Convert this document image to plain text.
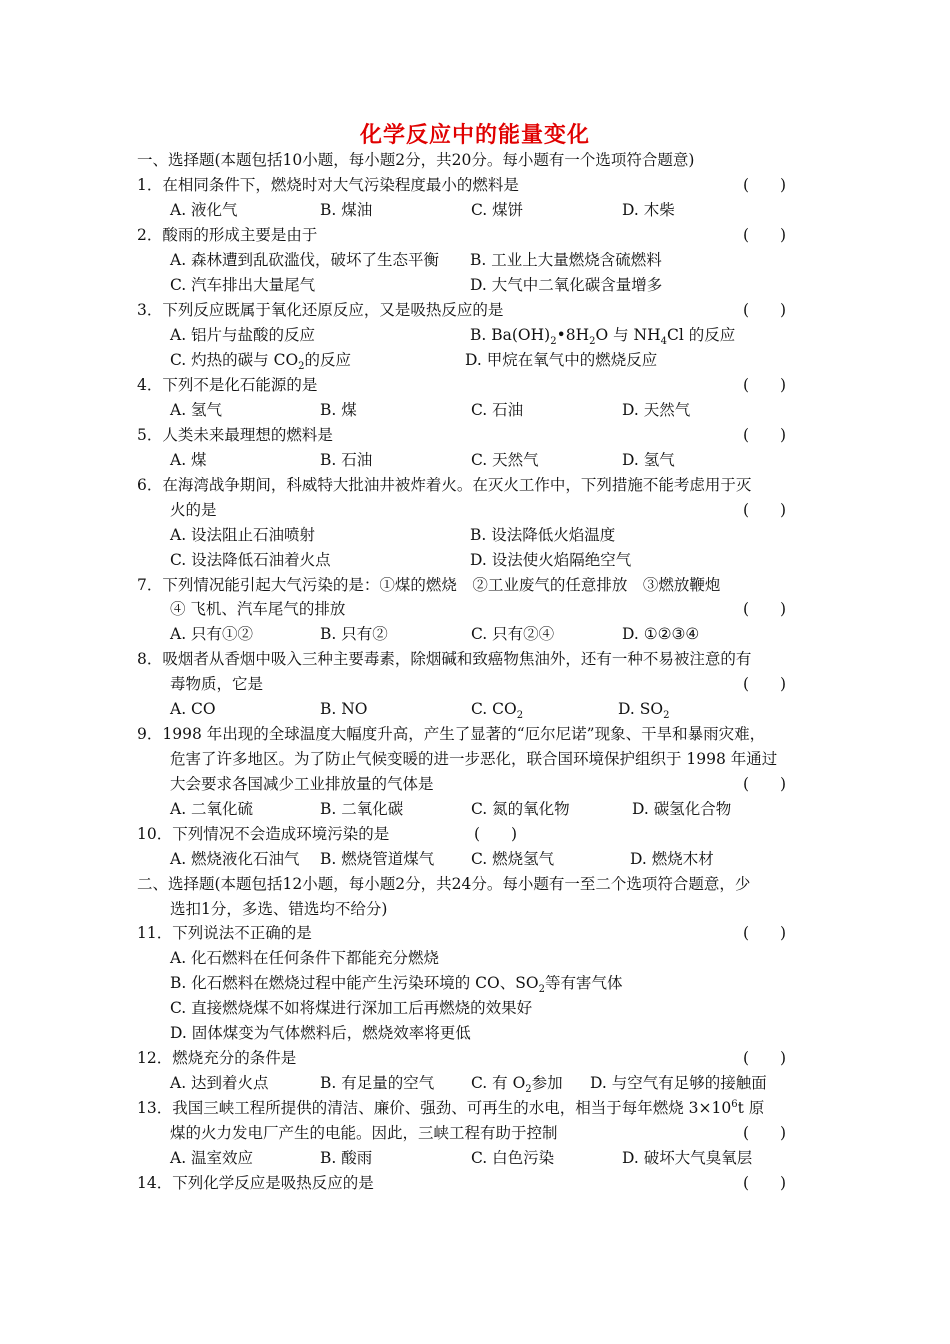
化学反应中的能量变化
一、选择题(本题包括10小题，每小题2分，共20分。每小题有一个选项符合题意)
1．在相同条件下，燃烧时对大气污染程度最小的燃料是	(　　)
A. 液化气	B. 煤油	C. 煤饼	D. 木柴
2．酸雨的形成主要是由于	(　　)
A. 森林遭到乱砍滥伐，破坏了生态平衡 B. 工业上大量燃烧含硫燃料
C. 汽车排出大量尾气	D. 大气中二氧化碳含量增多
3．下列反应既属于氧化还原反应，又是吸热反应的是	(　　)
A. 铝片与盐酸的反应	B. $Ba(OH)_2•8H_2O$ 与 $NH_4Cl$ 的反应
C. 灼热的碳与 $CO_2$的反应	D. 甲烷在氧气中的燃烧反应
4．下列不是化石能源的是	(　　)
A. 氢气	B. 煤	C. 石油	D. 天然气
5．人类未来最理想的燃料是	(　　)
A. 煤	B. 石油	C. 天然气	D. 氢气
6．在海湾战争期间，科威特大批油井被炸着火。在灭火工作中，下列措施不能考虑用于灭
火的是	(　　)
A. 设法阻止石油喷射	B. 设法降低火焰温度
C. 设法降低石油着火点	D. 设法使火焰隔绝空气
7．下列情况能引起大气污染的是：①煤的燃烧　②工业废气的任意排放　③燃放鞭炮
④ 飞机、汽车尾气的排放	(　　)
A. 只有①②	B. 只有②	C. 只有②④	D. ①②③④
8．吸烟者从香烟中吸入三种主要毒素，除烟碱和致癌物焦油外，还有一种不易被注意的有
毒物质，它是	(　　)
A. CO	B. NO	C. $CO_2$	D. $SO_2$
9．1998 年出现的全球温度大幅度升高，产生了显著的“厄尔尼诺”现象、干旱和暴雨灾难，
危害了许多地区。为了防止气候变暖的进一步恶化，联合国环境保护组织于 1998 年通过
大会要求各国减少工业排放量的气体是	(　　)
A. 二氧化硫	B. 二氧化碳	C. 氮的氧化物	D. 碳氢化合物
10．下列情况不会造成环境污染的是	(　　)
A. 燃烧液化石油气 B. 燃烧管道煤气 C. 燃烧氢气	D. 燃烧木材
二、选择题(本题包括12小题，每小题2分，共24分。每小题有一至二个选项符合题意，少
选扣1分，多选、错选均不给分)
11．下列说法不正确的是	(　　)
A. 化石燃料在任何条件下都能充分燃烧
B. 化石燃料在燃烧过程中能产生污染环境的 CO、$SO_2$等有害气体
C. 直接燃烧煤不如将煤进行深加工后再燃烧的效果好
D. 固体煤变为气体燃料后，燃烧效率将更低
12．燃烧充分的条件是	(　　)
A. 达到着火点	B. 有足量的空气 C. 有 $O_2$参加 D. 与空气有足够的接触面
13．我国三峡工程所提供的清洁、廉价、强劲、可再生的水电，相当于每年燃烧 $3\times 10^6t$ 原
煤的火力发电厂产生的电能。因此，三峡工程有助于控制	(　　)
A. 温室效应	B. 酸雨	C. 白色污染	D. 破坏大气臭氧层
14．下列化学反应是吸热反应的是	(　　)
